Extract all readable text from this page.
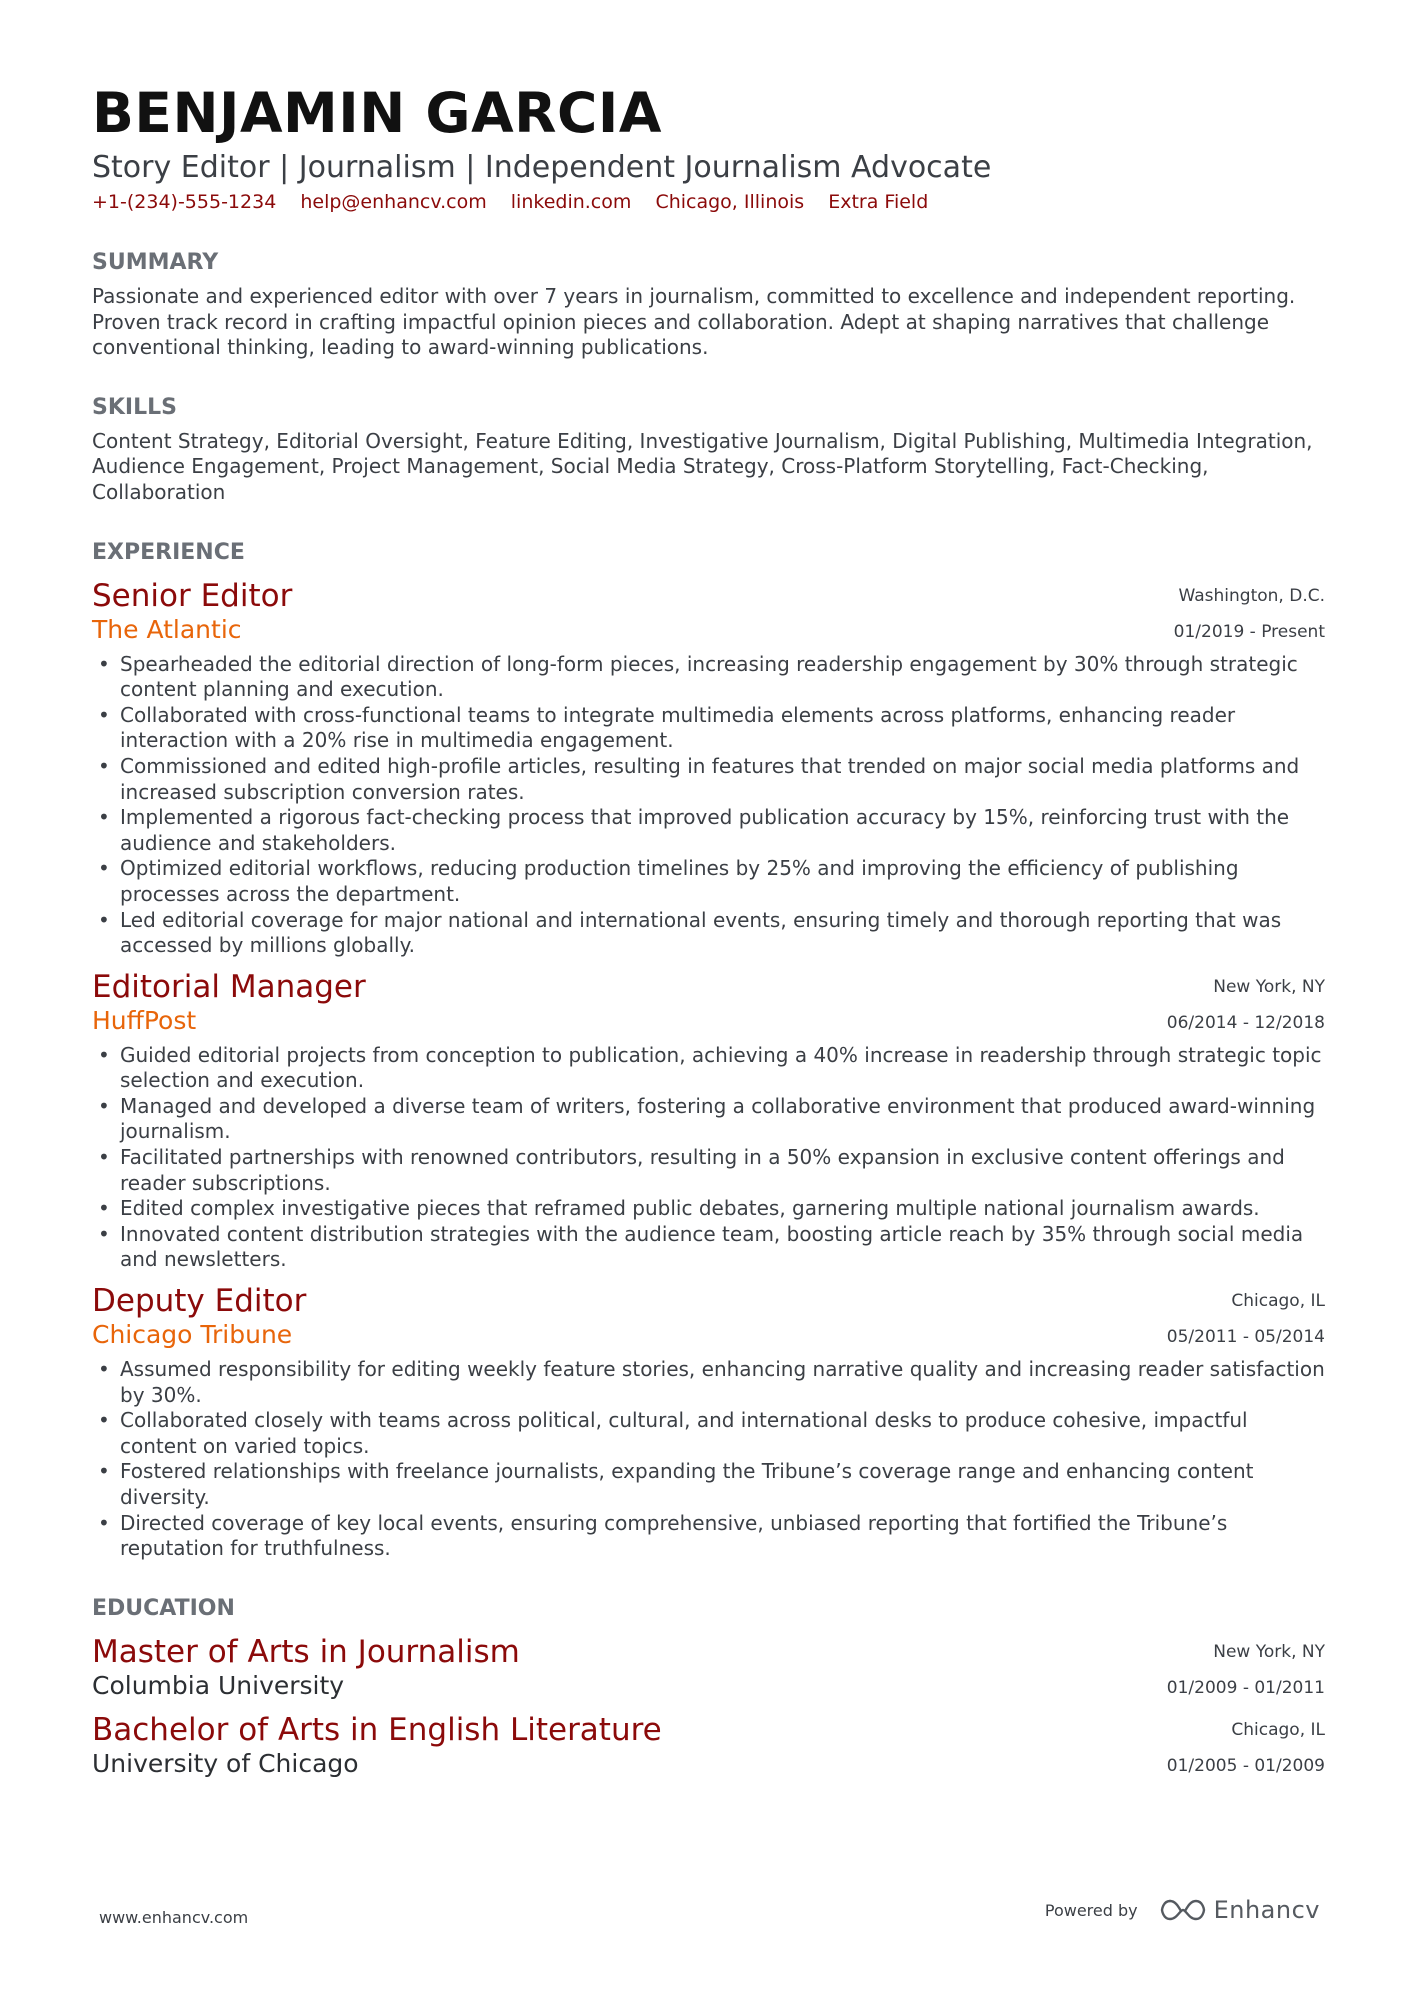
BENJAMIN GARCIA
Story Editor | Journalism | Independent Journalism Advocate
+1-(234)-555-1234 help@enhancv.com linkedin.com Chicago, Illinois Extra Field
SUMMARY
Passionate and experienced editor with over 7 years in journalism, committed to excellence and independent reporting. Proven track record in crafting impactful opinion pieces and collaboration. Adept at shaping narratives that challenge conventional thinking, leading to award-winning publications.
SKILLS
Content Strategy, Editorial Oversight, Feature Editing, Investigative Journalism, Digital Publishing, Multimedia Integration, Audience Engagement, Project Management, Social Media Strategy, Cross-Platform Storytelling, Fact-Checking, Collaboration
EXPERIENCE
Senior Editor
The Atlantic
Washington, D.C.
01/2019 - Present
• Spearheaded the editorial direction of long-form pieces, increasing readership engagement by 30% through strategic content planning and execution.
• Collaborated with cross-functional teams to integrate multimedia elements across platforms, enhancing reader interaction with a 20% rise in multimedia engagement.
• Commissioned and edited high-profile articles, resulting in features that trended on major social media platforms and increased subscription conversion rates.
• Implemented a rigorous fact-checking process that improved publication accuracy by 15%, reinforcing trust with the audience and stakeholders.
• Optimized editorial workflows, reducing production timelines by 25% and improving the efficiency of publishing processes across the department.
• Led editorial coverage for major national and international events, ensuring timely and thorough reporting that was accessed by millions globally.
Editorial Manager
HuffPost
New York, NY
06/2014 - 12/2018
• Guided editorial projects from conception to publication, achieving a 40% increase in readership through strategic topic selection and execution.
• Managed and developed a diverse team of writers, fostering a collaborative environment that produced award-winning journalism.
• Facilitated partnerships with renowned contributors, resulting in a 50% expansion in exclusive content offerings and reader subscriptions.
• Edited complex investigative pieces that reframed public debates, garnering multiple national journalism awards.
• Innovated content distribution strategies with the audience team, boosting article reach by 35% through social media and newsletters.
Deputy Editor
Chicago Tribune
Chicago, IL
05/2011 - 05/2014
• Assumed responsibility for editing weekly feature stories, enhancing narrative quality and increasing reader satisfaction by 30%.
• Collaborated closely with teams across political, cultural, and international desks to produce cohesive, impactful content on varied topics.
• Fostered relationships with freelance journalists, expanding the Tribune’s coverage range and enhancing content diversity.
• Directed coverage of key local events, ensuring comprehensive, unbiased reporting that fortified the Tribune’s reputation for truthfulness.
EDUCATION
Master of Arts in Journalism
Columbia University
New York, NY
01/2009 - 01/2011
Bachelor of Arts in English Literature
University of Chicago
Chicago, IL
01/2005 - 01/2009
www.enhancv.com	Powered by	Enhancv
